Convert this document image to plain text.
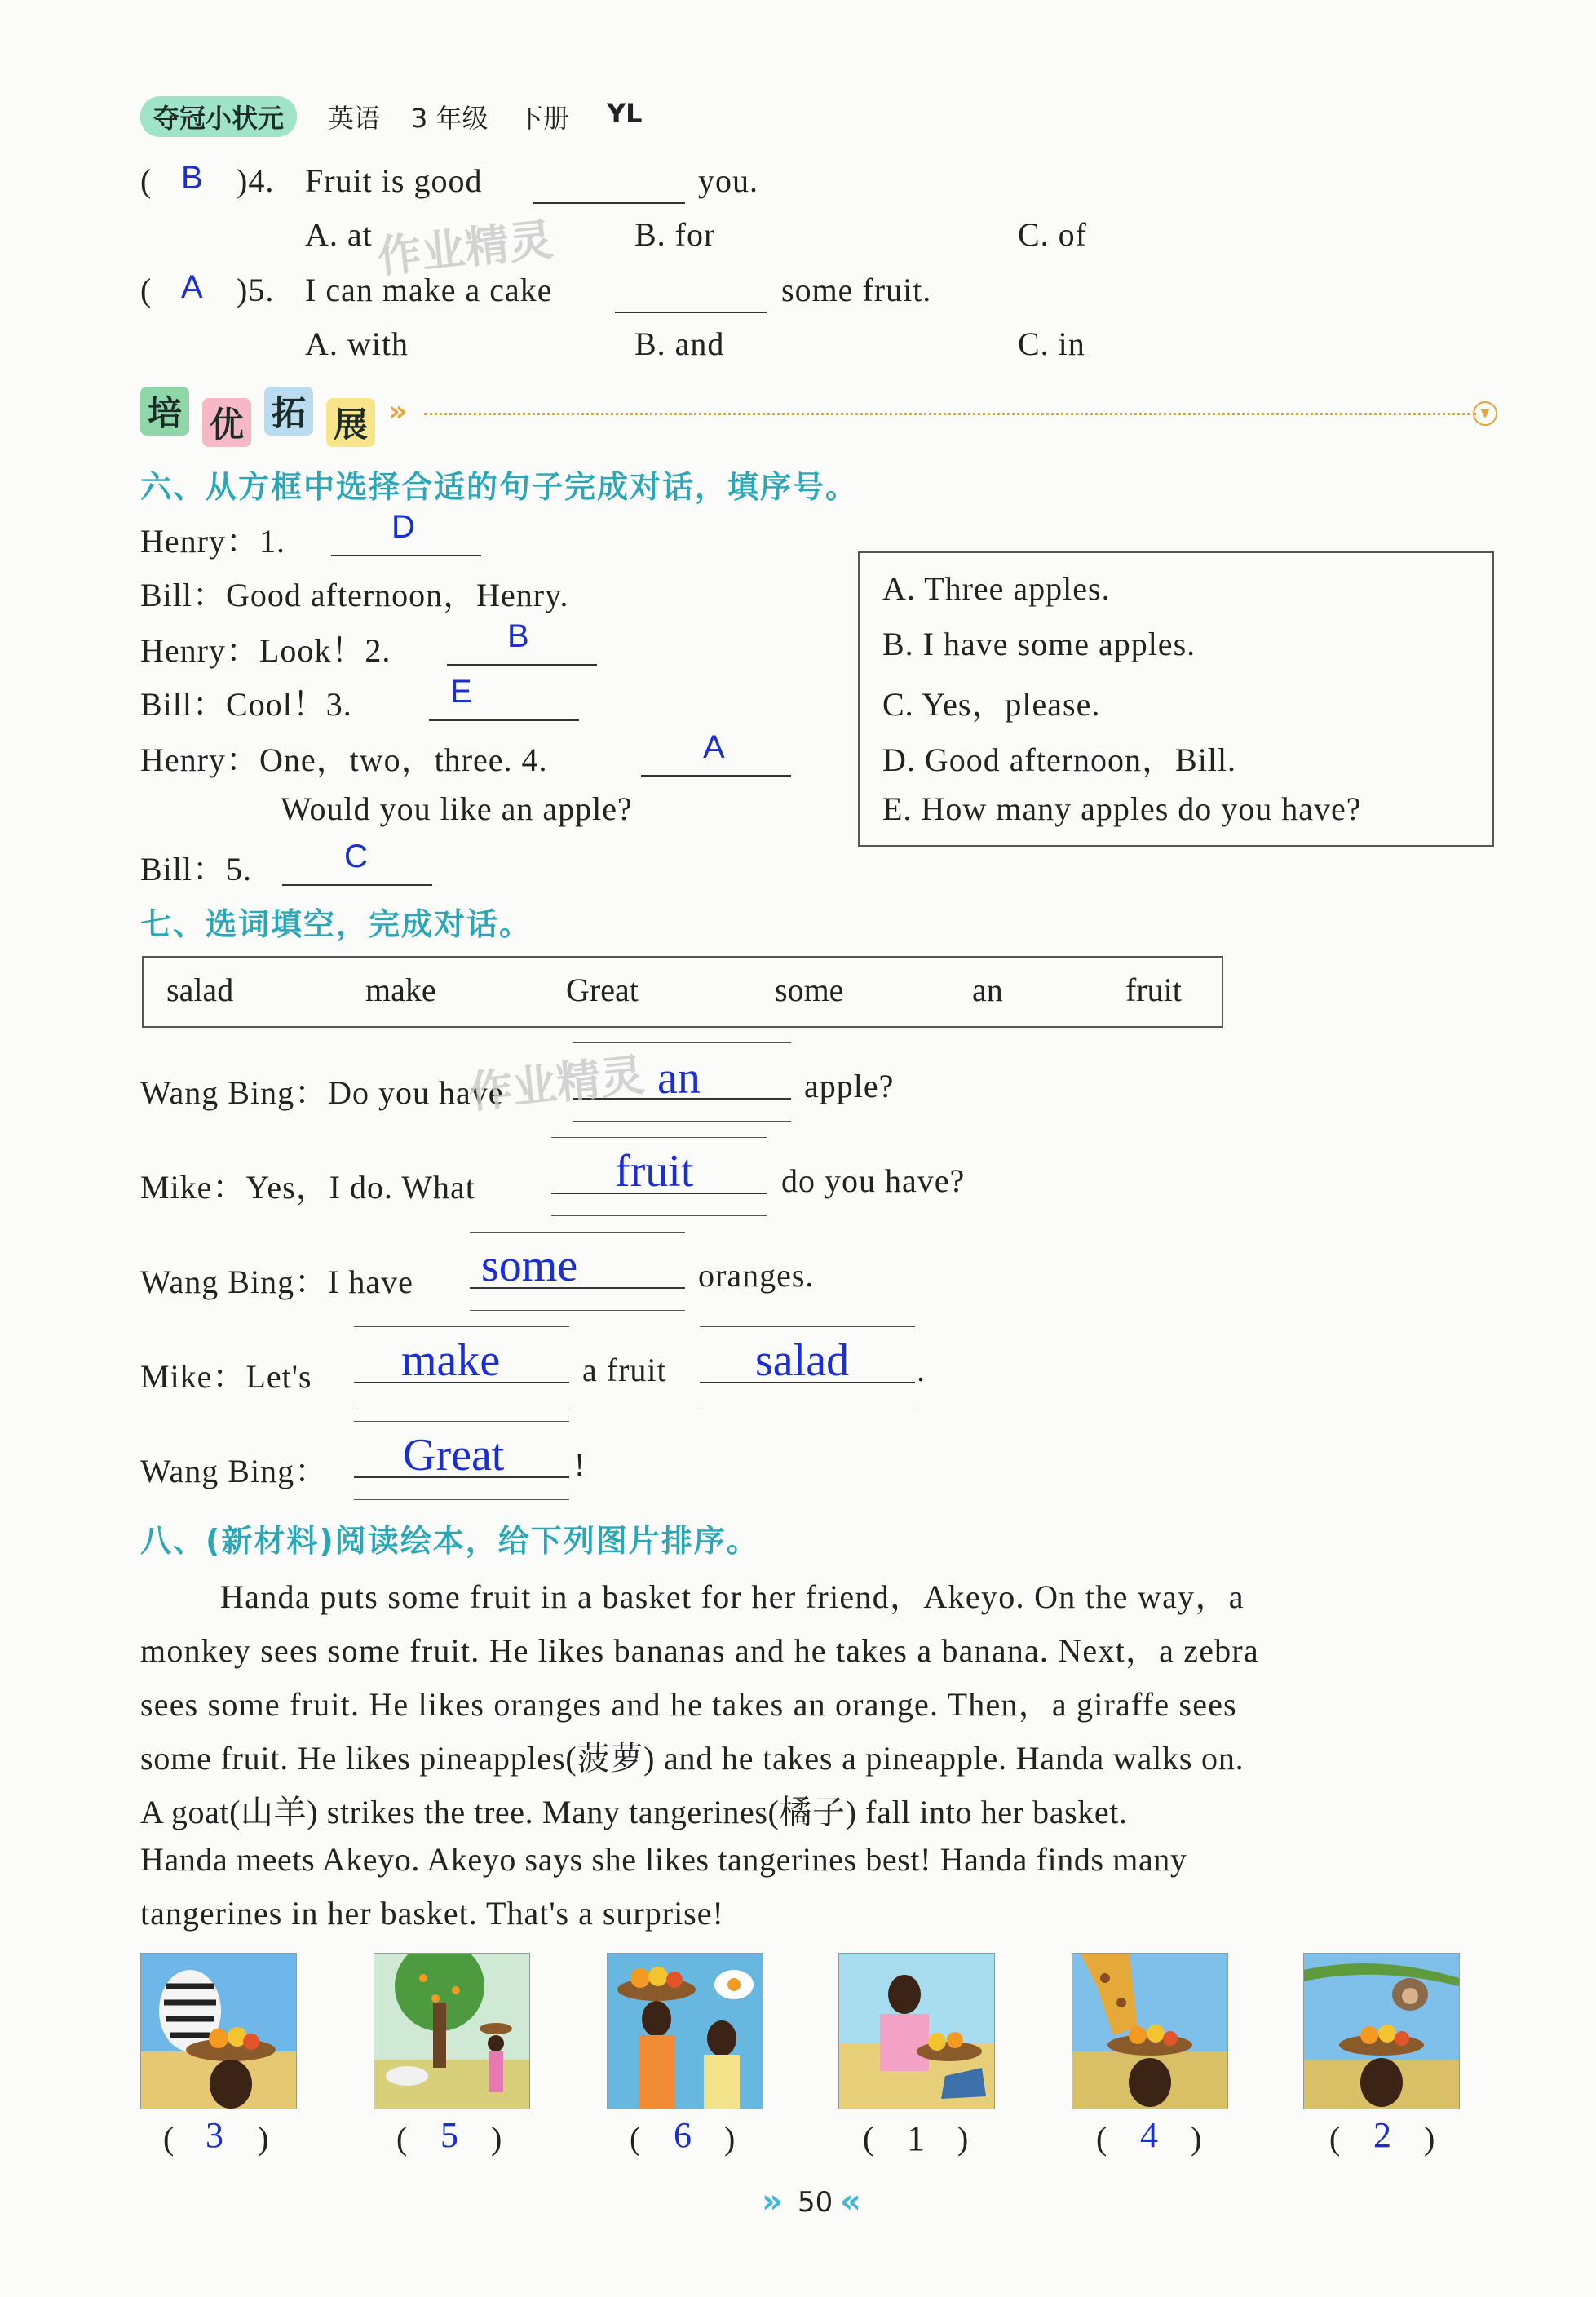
夺冠小状元	英语 3 年级 下册 YL
( B )4. Fruit is good	you.
A. at	B. for	C. of
作业精灵
( A )5. I can make a cake	some fruit.
A. with	B. and	C. in
培 优 拓 展 »	▼
六、从方框中选择合适的句子完成对话，填序号。
Henry：1.	D
Bill：Good afternoon，Henry.
Henry：Look！2.	B
Bill：Cool！3.	E
Henry：One，two，three. 4.	A
Would you like an apple?
Bill：5.	C
A. Three apples.
B. I have some apples.
C. Yes，please.
D. Good afternoon，Bill.
E. How many apples do you have?
七、选词填空，完成对话。
salad	make	Great	some	an	fruit
Wang Bing：Do you have	an	apple?
作业精灵
Mike：Yes，I do. What	fruit	do you have?
Wang Bing：I have some	oranges.
Mike：Let's make	a fruit salad .
Wang Bing： Great !
八、(新材料)阅读绘本，给下列图片排序。
Handa puts some fruit in a basket for her friend，Akeyo. On the way，a
monkey sees some fruit. He likes bananas and he takes a banana. Next，a zebra
sees some fruit. He likes oranges and he takes an orange. Then，a giraffe sees
some fruit. He likes pineapples(菠萝) and he takes a pineapple. Handa walks on.
A goat(山羊) strikes the tree. Many tangerines(橘子) fall into her basket.
Handa meets Akeyo. Akeyo says she likes tangerines best! Handa finds many
tangerines in her basket. That's a surprise!
( 3 )	( 5 )	( 6 )	( 1 )	( 4 )	( 2 )
» 50 «
